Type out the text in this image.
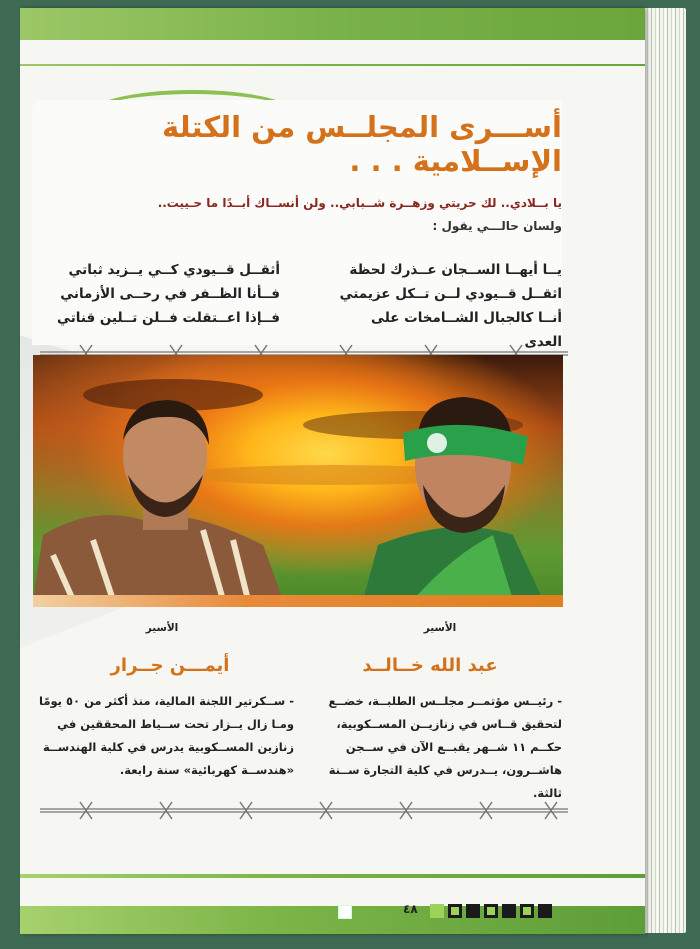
أســـرى المجلــس من الكتلة الإســلامية . . .
يا بــلادي.. لك حريتي وزهــرة شــبابي.. ولن أنســاك أبــدًا ما حـييت..
ولسان حالـــي يقول :
يــا أيهــا الســجان عــذرك لحظة
اثقــل قــيودي لــن تــكل عزيمتي
أنــا كالجبال الشــامخات على العدى
أثقــل قــيودي كــي يــزيد ثباتي
فــأنا الظــفر في رحــى الأزماني
فــإذا اعــتقلت فــلن تــلين قناتي
الأسير
الأسير
عبد الله خــالــد
أيمـــن جــرار
- رئيــس مؤتمــر مجلــس الطلبــة، خضــع لتحقيق قــاس في زنازيــن المســكوبية، حكــم ١١ شــهر يقبــع الآن في ســجن هاشــرون، يــدرس في كلية التجارة ســنة ثالثة.
- ســكرتير اللجنة المالية، منذ أكثر من ٥٠ يومًا ومـا زال يــزار تحت ســياط المحققين في زنازين المســكوبية يدرس في كلية الهندســة «هندســة كهربائية» سنة رابعة.
٤٨
